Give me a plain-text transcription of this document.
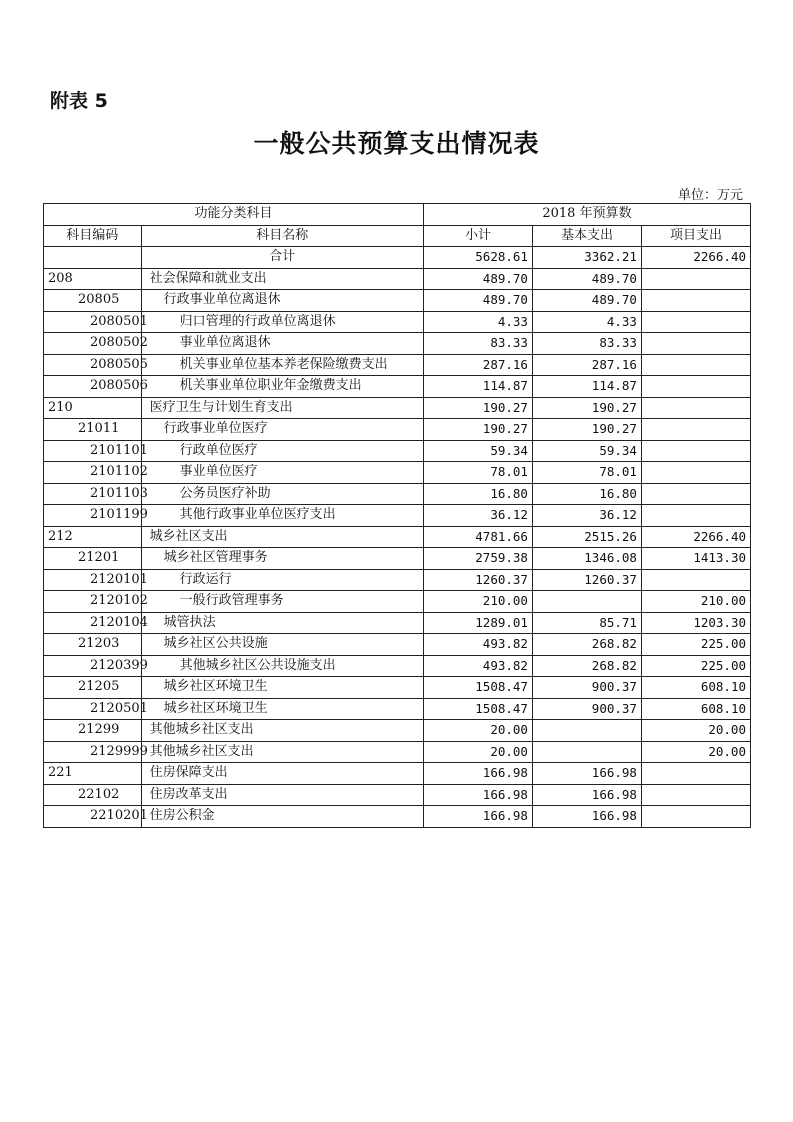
附表 5
一般公共预算支出情况表
单位：万元
功能分类科目		2018 年预算数		
科目编码	科目名称	小计	基本支出	项目支出
	合计	5628.61	3362.21	2266.40
208	社会保障和就业支出	489.70	489.70	
20805	行政事业单位离退休	489.70	489.70	
2080501	归口管理的行政单位离退休	4.33	4.33	
2080502	事业单位离退休	83.33	83.33	
2080505	机关事业单位基本养老保险缴费支出	287.16	287.16	
2080506	机关事业单位职业年金缴费支出	114.87	114.87	
210	医疗卫生与计划生育支出	190.27	190.27	
21011	行政事业单位医疗	190.27	190.27	
2101101	行政单位医疗	59.34	59.34	
2101102	事业单位医疗	78.01	78.01	
2101103	公务员医疗补助	16.80	16.80	
2101199	其他行政事业单位医疗支出	36.12	36.12	
212	城乡社区支出	4781.66	2515.26	2266.40
21201	城乡社区管理事务	2759.38	1346.08	1413.30
2120101	行政运行	1260.37	1260.37	
2120102	一般行政管理事务	210.00		210.00
2120104	城管执法	1289.01	85.71	1203.30
21203	城乡社区公共设施	493.82	268.82	225.00
2120399	其他城乡社区公共设施支出	493.82	268.82	225.00
21205	城乡社区环境卫生	1508.47	900.37	608.10
2120501	城乡社区环境卫生	1508.47	900.37	608.10
21299	其他城乡社区支出	20.00		20.00
2129999	其他城乡社区支出	20.00		20.00
221	住房保障支出	166.98	166.98	
22102	住房改革支出	166.98	166.98	
2210201	住房公积金	166.98	166.98	
